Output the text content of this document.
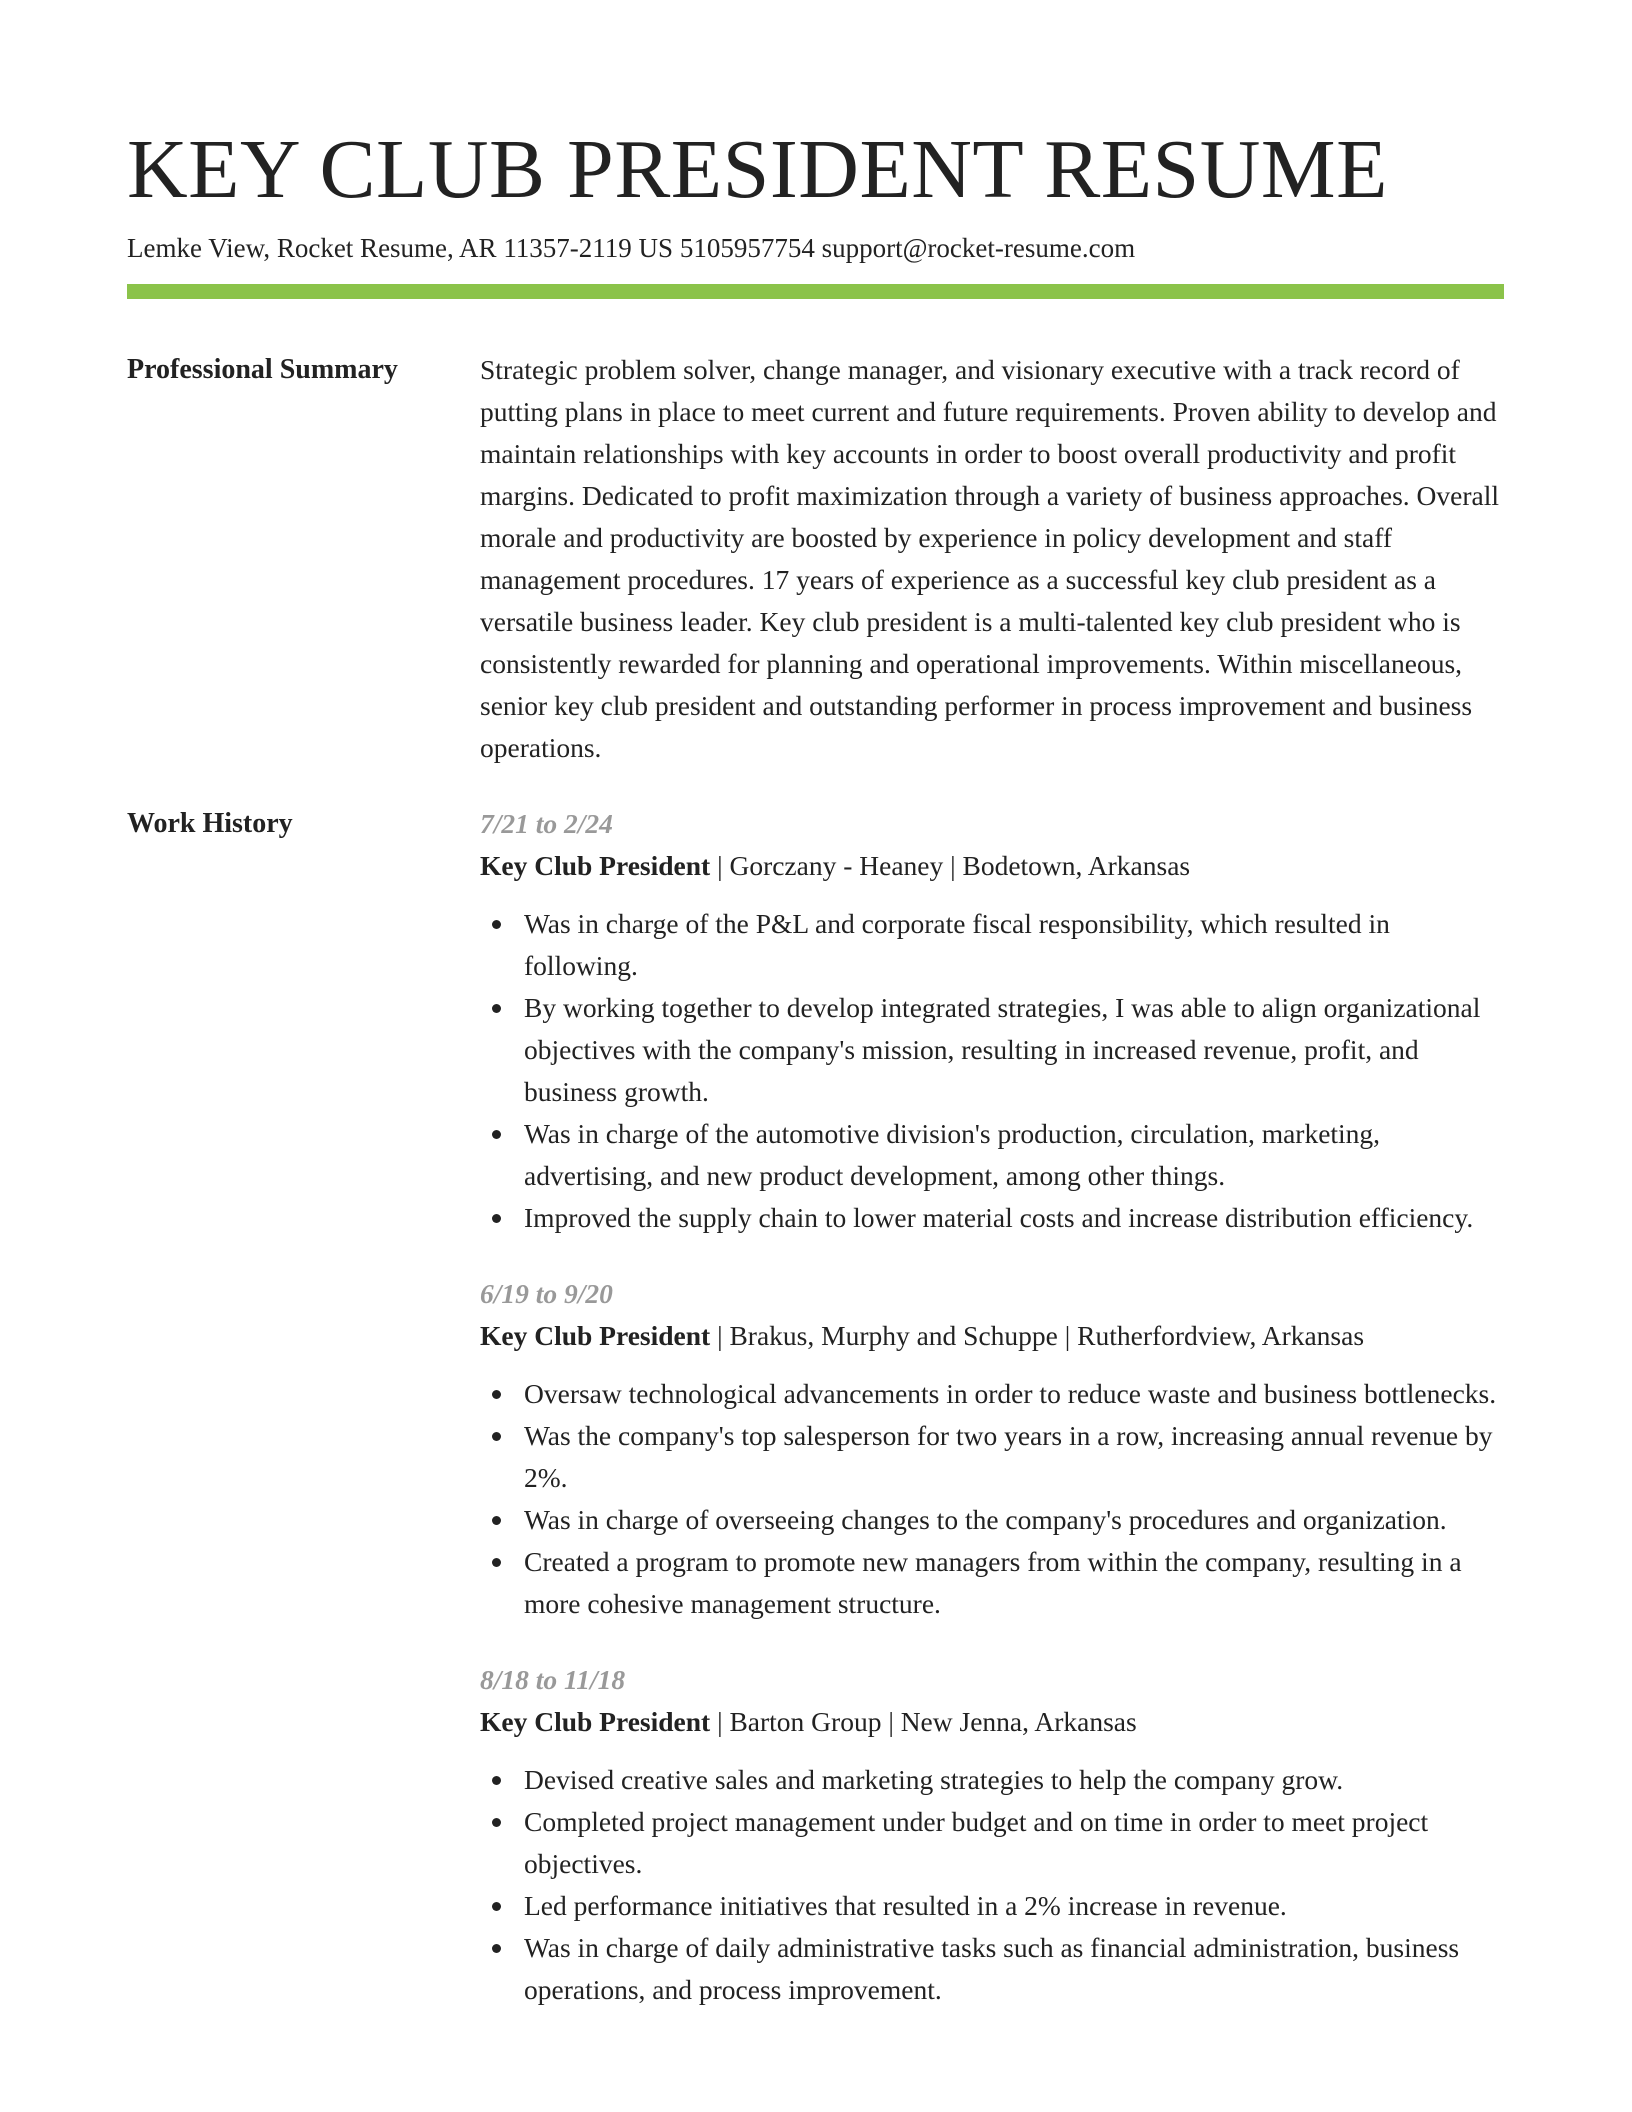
KEY CLUB PRESIDENT RESUME
Lemke View, Rocket Resume, AR 11357-2119 US 5105957754 support@rocket-resume.com
Professional Summary	Strategic problem solver, change manager, and visionary executive with a track record of putting plans in place to meet current and future requirements. Proven ability to develop and maintain relationships with key accounts in order to boost overall productivity and profit margins. Dedicated to profit maximization through a variety of business approaches. Overall morale and productivity are boosted by experience in policy development and staff management procedures. 17 years of experience as a successful key club president as a versatile business leader. Key club president is a multi-talented key club president who is consistently rewarded for planning and operational improvements. Within miscellaneous, senior key club president and outstanding performer in process improvement and business operations.

Work History	7/21 to 2/24
Key Club President | Gorczany - Heaney | Bodetown, Arkansas
Was in charge of the P&L and corporate fiscal responsibility, which resulted in following.
By working together to develop integrated strategies, I was able to align organizational objectives with the company's mission, resulting in increased revenue, profit, and business growth.
Was in charge of the automotive division's production, circulation, marketing, advertising, and new product development, among other things.
Improved the supply chain to lower material costs and increase distribution efficiency.
6/19 to 9/20
Key Club President | Brakus, Murphy and Schuppe | Rutherfordview, Arkansas
Oversaw technological advancements in order to reduce waste and business bottlenecks.
Was the company's top salesperson for two years in a row, increasing annual revenue by 2%.
Was in charge of overseeing changes to the company's procedures and organization.
Created a program to promote new managers from within the company, resulting in a more cohesive management structure.
8/18 to 11/18
Key Club President | Barton Group | New Jenna, Arkansas
Devised creative sales and marketing strategies to help the company grow.
Completed project management under budget and on time in order to meet project objectives.
Led performance initiatives that resulted in a 2% increase in revenue.
Was in charge of daily administrative tasks such as financial administration, business operations, and process improvement.
